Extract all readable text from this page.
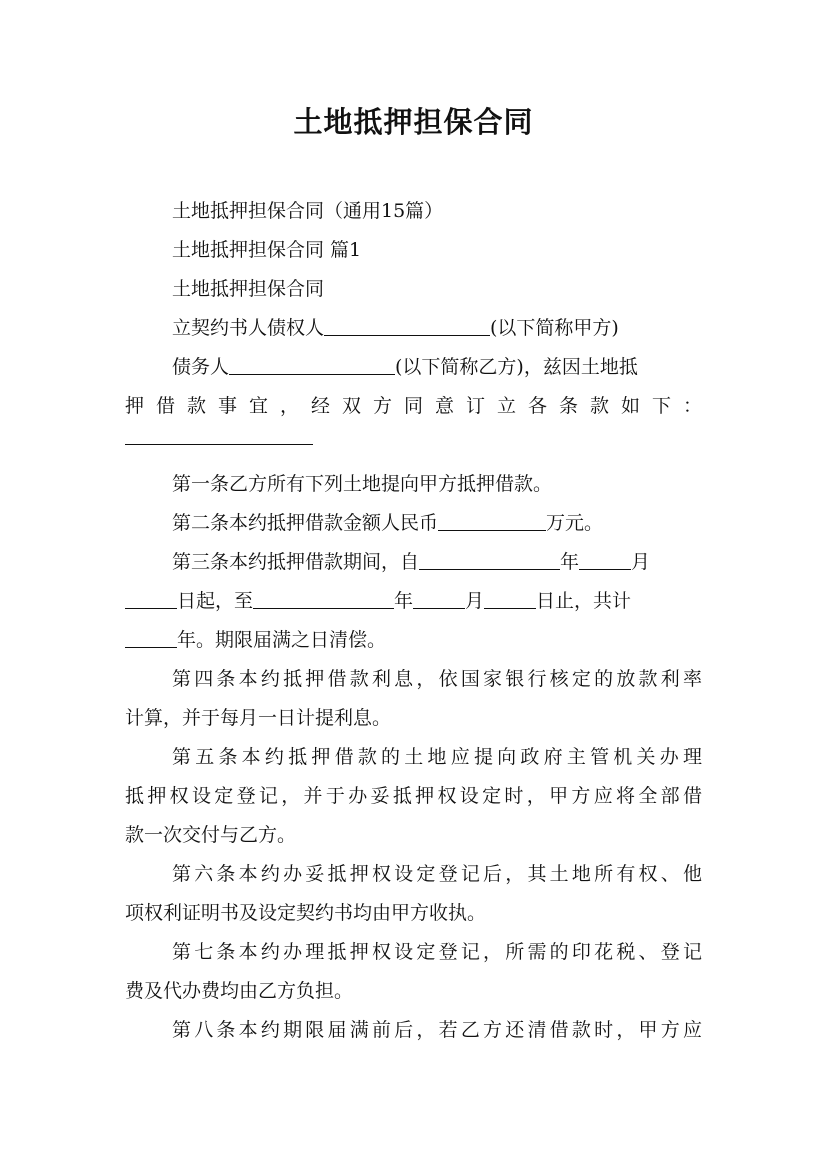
土地抵押担保合同
土地抵押担保合同（通用15篇）
土地抵押担保合同 篇1
土地抵押担保合同
立契约书人债权人	(以下简称甲方)
债务人	(以下简称乙方)，兹因土地抵
押借款事宜，经双方同意订立各条款如下：
第一条乙方所有下列土地提向甲方抵押借款。
第二条本约抵押借款金额人民币	万元。
第三条本约抵押借款期间，自	年	月
日起，至	年	月	日止，共计
年。期限届满之日清偿。
第四条本约抵押借款利息，依国家银行核定的放款利率
计算，并于每月一日计提利息。
第五条本约抵押借款的土地应提向政府主管机关办理
抵押权设定登记，并于办妥抵押权设定时，甲方应将全部借
款一次交付与乙方。
第六条本约办妥抵押权设定登记后，其土地所有权、他
项权利证明书及设定契约书均由甲方收执。
第七条本约办理抵押权设定登记，所需的印花税、登记
费及代办费均由乙方负担。
第八条本约期限届满前后，若乙方还清借款时，甲方应
